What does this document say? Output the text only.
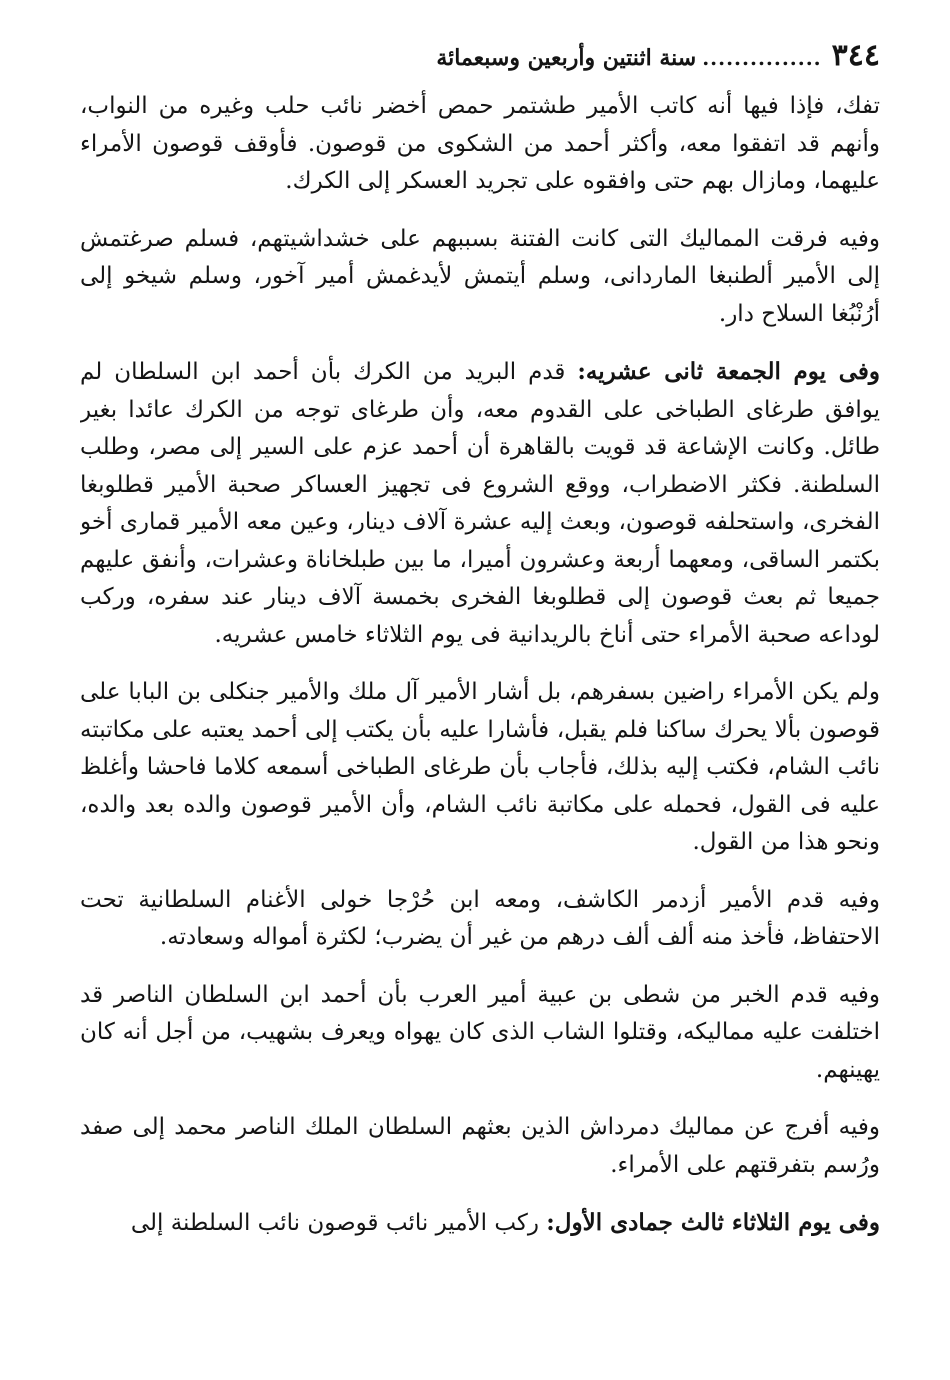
٣٤٤
...............
سنة اثنتين وأربعين وسبعمائة

تفك، فإذا فيها أنه كاتب الأمير طشتمر حمص أخضر نائب حلب وغيره من النواب، وأنهم قد اتفقوا معه، وأكثر أحمد من الشكوى من قوصون. فأوقف قوصون الأمراء عليهما، ومازال بهم حتى وافقوه على تجريد العسكر إلى الكرك.

وفيه فرقت المماليك التى كانت الفتنة بسببهم على خشداشيتهم، فسلم صرغتمش إلى الأمير ألطنبغا الماردانى، وسلم أيتمش لأيدغمش أمير آخور، وسلم شيخو إلى أرُنْبُغا السلاح دار.

وفى يوم الجمعة ثانى عشريه: قدم البريد من الكرك بأن أحمد ابن السلطان لم يوافق طرغاى الطباخى على القدوم معه، وأن طرغاى توجه من الكرك عائدا بغير طائل. وكانت الإشاعة قد قويت بالقاهرة أن أحمد عزم على السير إلى مصر، وطلب السلطنة. فكثر الاضطراب، ووقع الشروع فى تجهيز العساكر صحبة الأمير قطلوبغا الفخرى، واستحلفه قوصون، وبعث إليه عشرة آلاف دينار، وعين معه الأمير قمارى أخو بكتمر الساقى، ومعهما أربعة وعشرون أميرا، ما بين طبلخاناة وعشرات، وأنفق عليهم جميعا ثم بعث قوصون إلى قطلوبغا الفخرى بخمسة آلاف دينار عند سفره، وركب لوداعه صحبة الأمراء حتى أناخ بالريدانية فى يوم الثلاثاء خامس عشريه.

ولم يكن الأمراء راضين بسفرهم، بل أشار الأمير آل ملك والأمير جنكلى بن البابا على قوصون بألا يحرك ساكنا فلم يقبل، فأشارا عليه بأن يكتب إلى أحمد يعتبه على مكاتبته نائب الشام، فكتب إليه بذلك، فأجاب بأن طرغاى الطباخى أسمعه كلاما فاحشا وأغلظ عليه فى القول، فحمله على مكاتبة نائب الشام، وأن الأمير قوصون والده بعد والده، ونحو هذا من القول.

وفيه قدم الأمير أزدمر الكاشف، ومعه ابن حُرْجا خولى الأغنام السلطانية تحت الاحتفاظ، فأخذ منه ألف ألف درهم من غير أن يضرب؛ لكثرة أمواله وسعادته.

وفيه قدم الخبر من شطى بن عبية أمير العرب بأن أحمد ابن السلطان الناصر قد اختلفت عليه مماليكه، وقتلوا الشاب الذى كان يهواه ويعرف بشهيب، من أجل أنه كان يهينهم.

وفيه أفرج عن مماليك دمرداش الذين بعثهم السلطان الملك الناصر محمد إلى صفد ورُسم بتفرقتهم على الأمراء.

وفى يوم الثلاثاء ثالث جمادى الأول: ركب الأمير نائب قوصون نائب السلطنة إلى
